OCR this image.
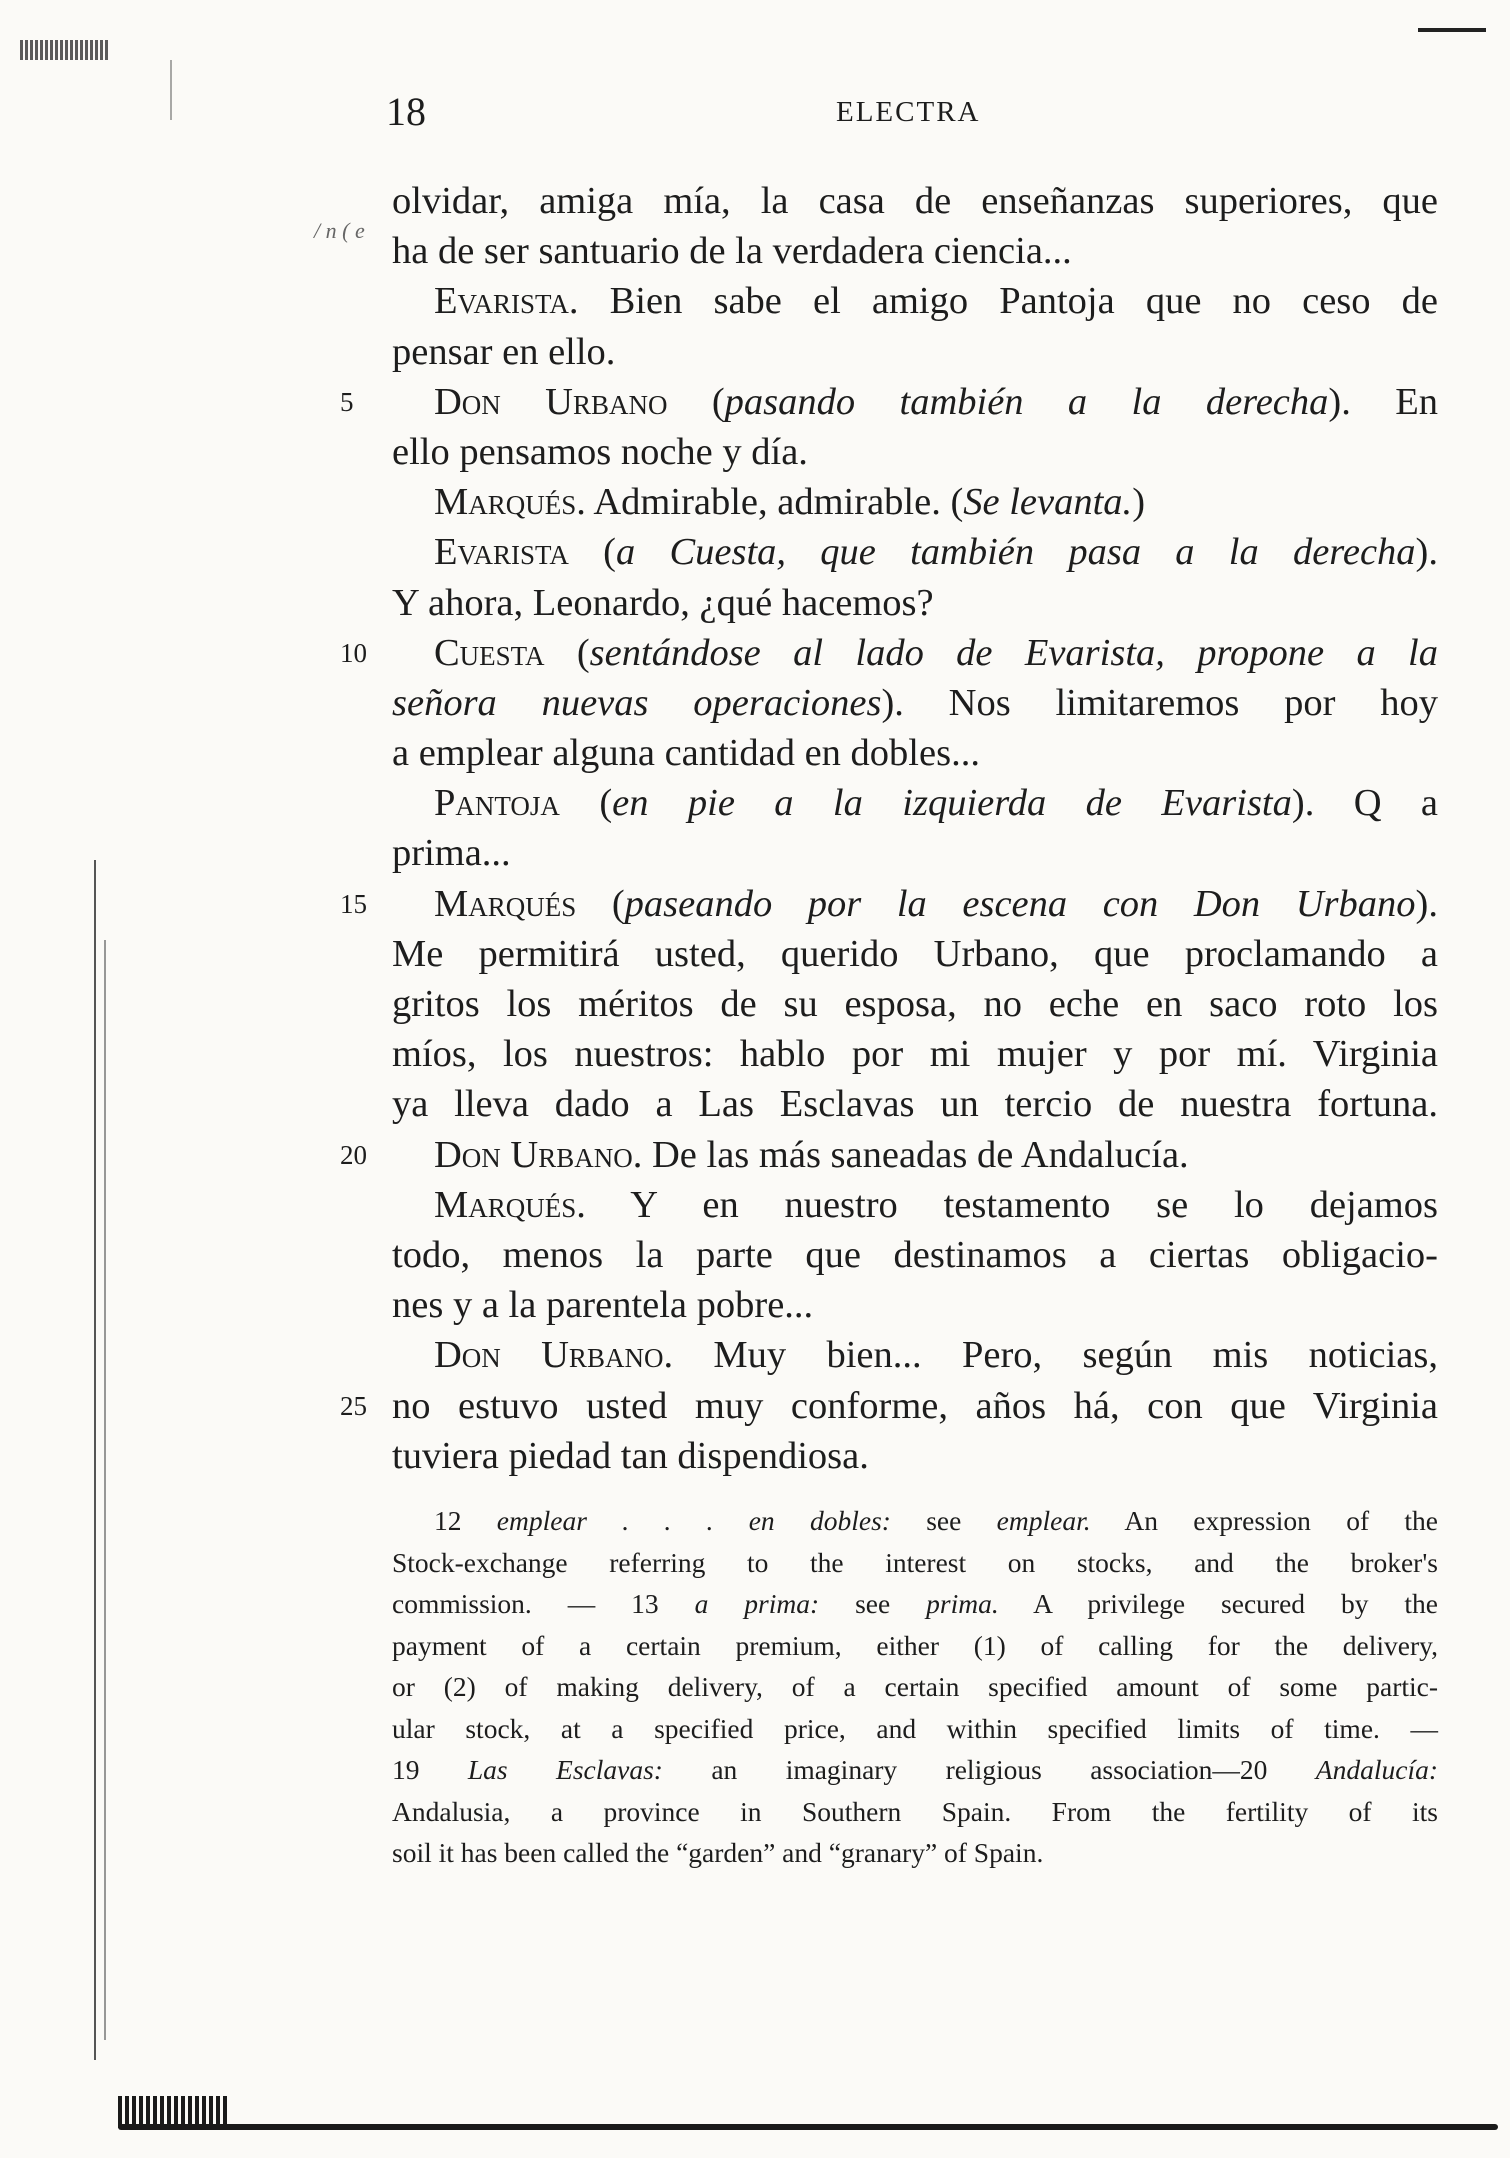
18	ELECTRA
/ n ( e
olvidar, amiga mía, la casa de enseñanzas superiores, que
ha de ser santuario de la verdadera ciencia...
Evarista. Bien sabe el amigo Pantoja que no ceso de
pensar en ello.
5 Don Urbano (pasando también a la derecha). En
ello pensamos noche y día.
Marqués. Admirable, admirable. (Se levanta.)
Evarista (a Cuesta, que también pasa a la derecha).
Y ahora, Leonardo, ¿qué hacemos?
10 Cuesta (sentándose al lado de Evarista, propone a la
señora nuevas operaciones). Nos limitaremos por hoy
a emplear alguna cantidad en dobles...
Pantoja (en pie a la izquierda de Evarista). Q a
prima...
15 Marqués (paseando por la escena con Don Urbano).
Me permitirá usted, querido Urbano, que proclamando a
gritos los méritos de su esposa, no eche en saco roto los
míos, los nuestros: hablo por mi mujer y por mí. Virginia
ya lleva dado a Las Esclavas un tercio de nuestra fortuna.
20 Don Urbano. De las más saneadas de Andalucía.
Marqués. Y en nuestro testamento se lo dejamos
todo, menos la parte que destinamos a ciertas obligacio-
nes y a la parentela pobre...
Don Urbano. Muy bien... Pero, según mis noticias,
25 no estuvo usted muy conforme, años há, con que Virginia
tuviera piedad tan dispendiosa.
12 emplear . . . en dobles: see emplear. An expression of the
Stock-exchange referring to the interest on stocks, and the broker's
commission. — 13 a prima: see prima. A privilege secured by the
payment of a certain premium, either (1) of calling for the delivery,
or (2) of making delivery, of a certain specified amount of some partic-
ular stock, at a specified price, and within specified limits of time. —
19 Las Esclavas: an imaginary religious association—20 Andalucía:
Andalusia, a province in Southern Spain. From the fertility of its
soil it has been called the “garden” and “granary” of Spain.
